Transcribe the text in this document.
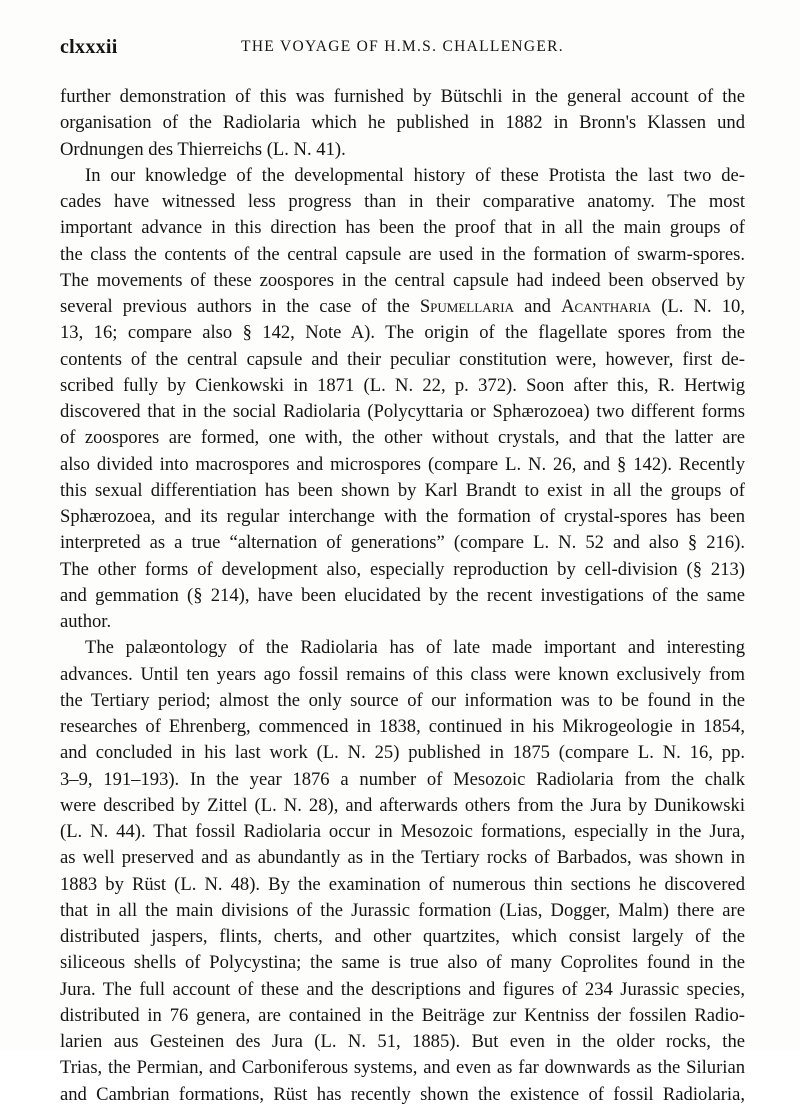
clxxxii	THE VOYAGE OF H.M.S. CHALLENGER.
further demonstration of this was furnished by Bütschli in the general account of the
organisation of the Radiolaria which he published in 1882 in Bronn's Klassen und
Ordnungen des Thierreichs (L. N. 41).
In our knowledge of the developmental history of these Protista the last two de-
cades have witnessed less progress than in their comparative anatomy. The most
important advance in this direction has been the proof that in all the main groups of
the class the contents of the central capsule are used in the formation of swarm-spores.
The movements of these zoospores in the central capsule had indeed been observed by
several previous authors in the case of the Spumellaria and Acantharia (L. N. 10,
13, 16; compare also § 142, Note A). The origin of the flagellate spores from the
contents of the central capsule and their peculiar constitution were, however, first de-
scribed fully by Cienkowski in 1871 (L. N. 22, p. 372). Soon after this, R. Hertwig
discovered that in the social Radiolaria (Polycyttaria or Sphærozoea) two different forms
of zoospores are formed, one with, the other without crystals, and that the latter are
also divided into macrospores and microspores (compare L. N. 26, and § 142). Recently
this sexual differentiation has been shown by Karl Brandt to exist in all the groups of
Sphærozoea, and its regular interchange with the formation of crystal-spores has been
interpreted as a true “alternation of generations” (compare L. N. 52 and also § 216).
The other forms of development also, especially reproduction by cell-division (§ 213)
and gemmation (§ 214), have been elucidated by the recent investigations of the same
author.
The palæontology of the Radiolaria has of late made important and interesting
advances. Until ten years ago fossil remains of this class were known exclusively from
the Tertiary period; almost the only source of our information was to be found in the
researches of Ehrenberg, commenced in 1838, continued in his Mikrogeologie in 1854,
and concluded in his last work (L. N. 25) published in 1875 (compare L. N. 16, pp.
3–9, 191–193). In the year 1876 a number of Mesozoic Radiolaria from the chalk
were described by Zittel (L. N. 28), and afterwards others from the Jura by Dunikowski
(L. N. 44). That fossil Radiolaria occur in Mesozoic formations, especially in the Jura,
as well preserved and as abundantly as in the Tertiary rocks of Barbados, was shown in
1883 by Rüst (L. N. 48). By the examination of numerous thin sections he discovered
that in all the main divisions of the Jurassic formation (Lias, Dogger, Malm) there are
distributed jaspers, flints, cherts, and other quartzites, which consist largely of the
siliceous shells of Polycystina; the same is true also of many Coprolites found in the
Jura. The full account of these and the descriptions and figures of 234 Jurassic species,
distributed in 76 genera, are contained in the Beiträge zur Kentniss der fossilen Radio-
larien aus Gesteinen des Jura (L. N. 51, 1885). But even in the older rocks, the
Trias, the Permian, and Carboniferous systems, and even as far downwards as the Silurian
and Cambrian formations, Rüst has recently shown the existence of fossil Radiolaria,
